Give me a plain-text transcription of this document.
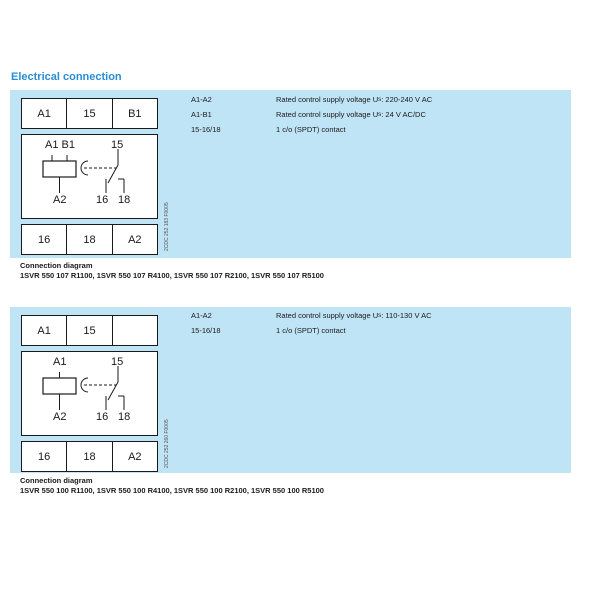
Electrical connection
A1	15	B1
A1 B1	15
A2	16 18
16	18	A2	2CDC 252 183 F0005
A1-A2	Rated control supply voltage U s : 220-240 V AC
A1-B1	Rated control supply voltage U s : 24 V AC/DC
15-16/18	1 c/o (SPDT) contact
Connection diagram
1SVR 550 107 R1100, 1SVR 550 107 R4100, 1SVR 550 107 R2100, 1SVR 550 107 R5100
A1	15
A1	15
A2	16 18
16	18	A2	2CDC 252 260 F0005
A1-A2	Rated control supply voltage U s : 110-130 V AC
15-16/18	1 c/o (SPDT) contact
Connection diagram
1SVR 550 100 R1100, 1SVR 550 100 R4100, 1SVR 550 100 R2100, 1SVR 550 100 R5100
